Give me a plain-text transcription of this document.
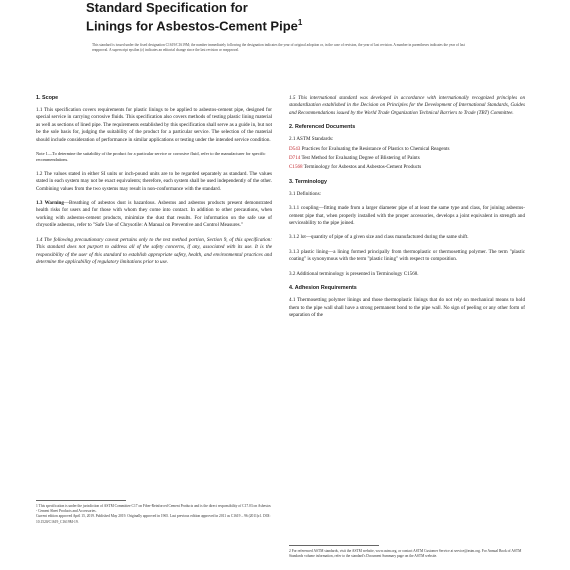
Standard Specification for
Linings for Asbestos-Cement Pipe$^1$
This standard is issued under the fixed designation C1619/C1619M; the number immediately following the designation indicates the year of original adoption or, in the case of revision, the year of last revision. A number in parentheses indicates the year of last reapproval. A superscript epsilon (ε) indicates an editorial change since the last revision or reapproval.
1. Scope
1.1 This specification covers requirements for plastic linings to be applied to asbestos-cement pipe, designed for special service in carrying corrosive fluids. This specification also covers methods of testing plastic lining material as well as sections of lined pipe. The requirements established by this specification shall serve as a guide in, but not be the sole basis for, judging the suitability of the product for a particular service. The selection of the material should include consideration of performance in similar applications or testing under the intended service condition.
Note 1—To determine the suitability of the product for a particular service or corrosive fluid, refer to the manufacturer for specific recommendations.
1.2 The values stated in either SI units or inch-pound units are to be regarded separately as standard. The values stated in each system may not be exact equivalents; therefore, each system shall be used independently of the other. Combining values from the two systems may result in non-conformance with the standard.
1.3 Warning—Breathing of asbestos dust is hazardous. Asbestos and asbestos products present demonstrated health risks for users and for those with whom they come into contact. In addition to other precautions, when working with asbestos-cement products, minimize the dust that results. For information on the safe use of chrysotile asbestos, refer to "Safe Use of Chrysotile: A Manual on Preventive and Control Measures."
1.4 The following precautionary caveat pertains only to the test method portion, Section 9, of this specification: This standard does not purport to address all of the safety concerns, if any, associated with its use. It is the responsibility of the user of this standard to establish appropriate safety, health, and environmental practices and determine the applicability of regulatory limitations prior to use.

1 This specification is under the jurisdiction of ASTM Committee C17 on Fiber-Reinforced Cement Products and is the direct responsibility of C17.03 on Asbestos - Cement Sheet Products and Accessories.

Current edition approved April 15, 2019. Published May 2019. Originally approved in 1965. Last previous edition approved in 2011 as C1619 – 96 (2011)ε1. DOI: 10.1520/C1619_C1619M-19.

1.5 This international standard was developed in accordance with internationally recognized principles on standardization established in the Decision on Principles for the Development of International Standards, Guides and Recommendations issued by the World Trade Organization Technical Barriers to Trade (TBT) Committee.
2. Referenced Documents
2.1 ASTM Standards:
D543 Practices for Evaluating the Resistance of Plastics to Chemical Reagents
D714 Test Method for Evaluating Degree of Blistering of Paints
C1568 Terminology for Asbestos and Asbestos-Cement Products
3. Terminology
3.1 Definitions:
3.1.1 coupling—fitting made from a larger diameter pipe of at least the same type and class, for joining asbestos-cement pipe that, when properly installed with the proper accessories, develops a joint equivalent in strength and serviceability to the pipe joined.
3.1.2 lot—quantity of pipe of a given size and class manufactured during the same shift.
3.1.3 plastic lining—a lining formed principally from thermoplastic or thermosetting polymer. The term "plastic coating" is synonymous with the term "plastic lining" with respect to composition.
3.2 Additional terminology is presented in Terminology C1568.
4. Adhesion Requirements
4.1 Thermosetting polymer linings and those thermoplastic linings that do not rely on mechanical means to hold them to the pipe wall shall have a strong permanent bond to the pipe wall. No sign of peeling or any other form of separation of the

2 For referenced ASTM standards, visit the ASTM website, www.astm.org, or contact ASTM Customer Service at service@astm.org. For Annual Book of ASTM Standards volume information, refer to the standard's Document Summary page on the ASTM website.
